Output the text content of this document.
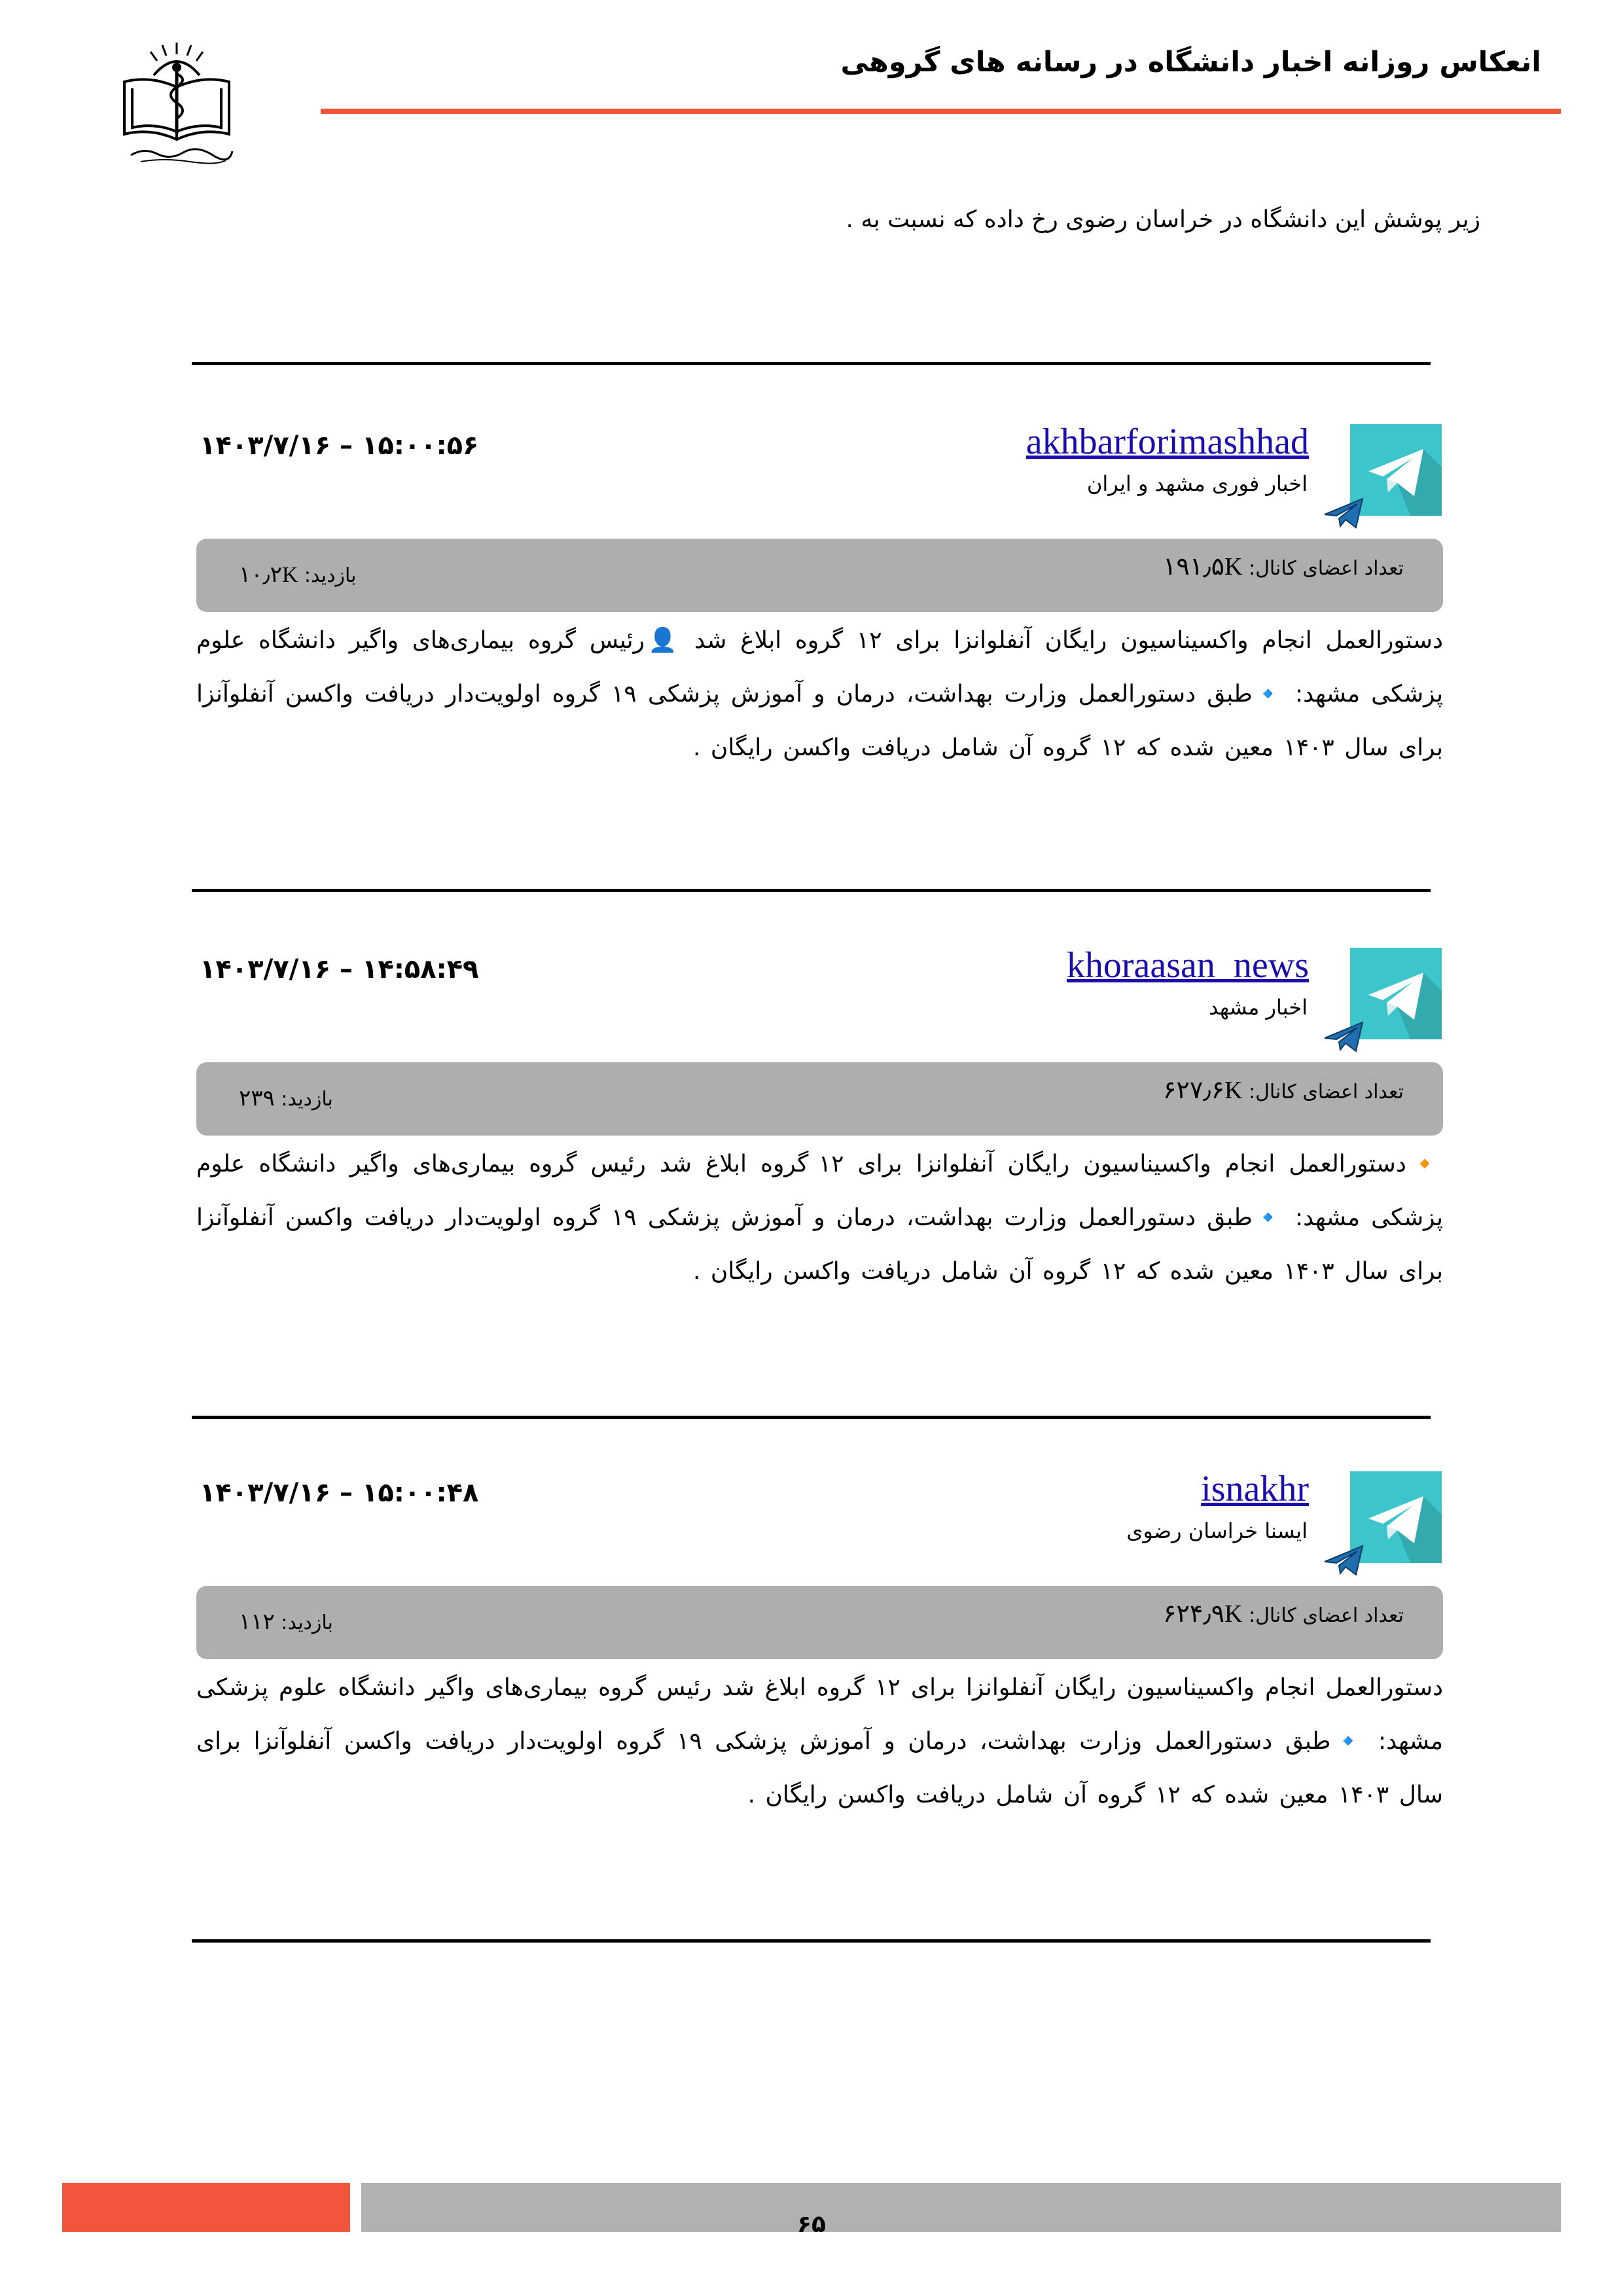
انعکاس روزانه اخبار دانشگاه در رسانه های گروهی
زیر پوشش این دانشگاه در خراسان رضوی رخ داده که نسبت به .
akhbarforimashhad
اخبار فوری مشهد و ایران
۱۵:۰۰:۵۶ – ۱۴۰۳/۷/۱۶
تعداد اعضای کانال: ۱۹۱٫۵K
بازدید: ۱۰٫۲K
دستورالعمل انجام واکسیناسیون رایگان آنفلوانزا برای ۱۲ گروه ابلاغ شد 👤رئیس گروه بیماری‌های واگیر دانشگاه علوم پزشکی مشهد: 🔹طبق دستورالعمل وزارت بهداشت، درمان و آموزش پزشکی ۱۹ گروه اولویت‌دار دریافت واکسن آنفلوآنزا برای سال ۱۴۰۳ معین شده که ۱۲ گروه آن شامل دریافت واکسن رایگان .
khoraasan_news
اخبار مشهد
۱۴:۵۸:۴۹ – ۱۴۰۳/۷/۱۶
تعداد اعضای کانال: ۶۲۷٫۶K
بازدید: ۲۳۹
🔸دستورالعمل انجام واکسیناسیون رایگان آنفلوانزا برای ۱۲ گروه ابلاغ شد رئیس گروه بیماری‌های واگیر دانشگاه علوم پزشکی مشهد: 🔹طبق دستورالعمل وزارت بهداشت، درمان و آموزش پزشکی ۱۹ گروه اولویت‌دار دریافت واکسن آنفلوآنزا برای سال ۱۴۰۳ معین شده که ۱۲ گروه آن شامل دریافت واکسن رایگان .
isnakhr
ایسنا خراسان رضوی
۱۵:۰۰:۴۸ – ۱۴۰۳/۷/۱۶
تعداد اعضای کانال: ۶۲۴٫۹K
بازدید: ۱۱۲
دستورالعمل انجام واکسیناسیون رایگان آنفلوانزا برای ۱۲ گروه ابلاغ شد رئیس گروه بیماری‌های واگیر دانشگاه علوم پزشکی مشهد: 🔹طبق دستورالعمل وزارت بهداشت، درمان و آموزش پزشکی ۱۹ گروه اولویت‌دار دریافت واکسن آنفلوآنزا برای سال ۱۴۰۳ معین شده که ۱۲ گروه آن شامل دریافت واکسن رایگان .
۶۵
